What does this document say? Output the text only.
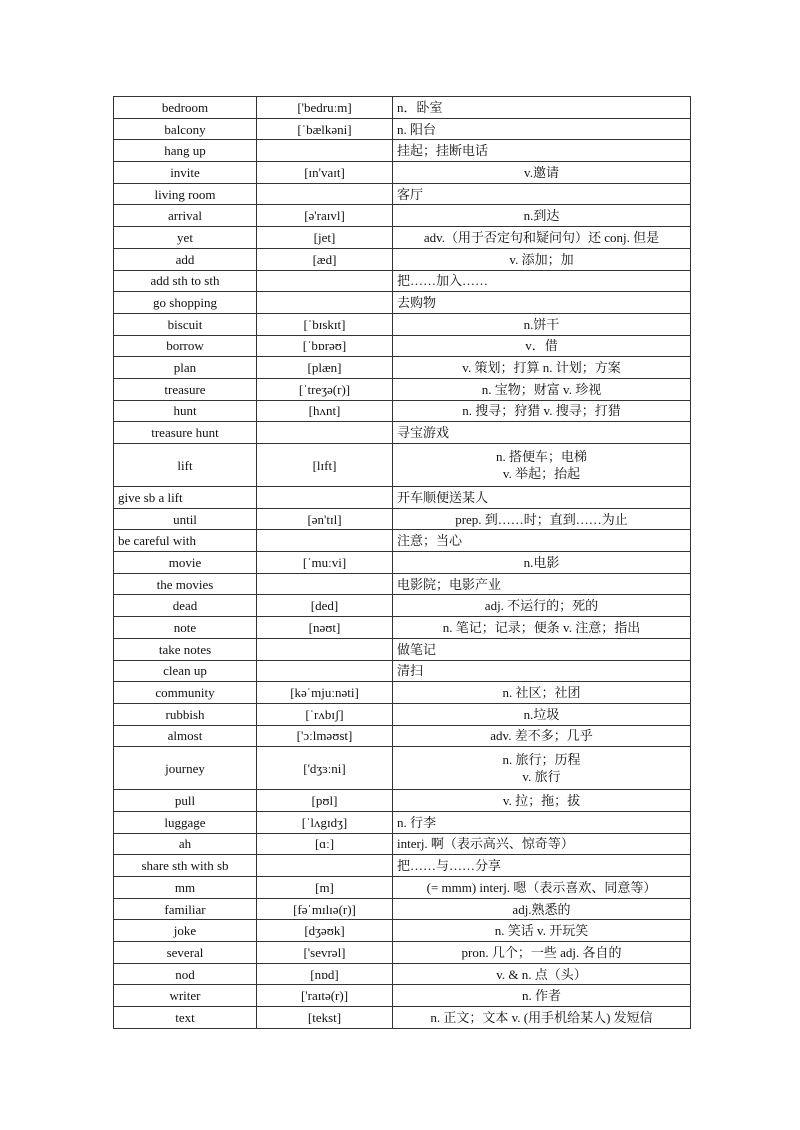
bedroom	['bedruːm]	n．卧室

balcony	[ˈbælkəni]	n. 阳台

hang up		挂起；挂断电话

invite	[ɪn'vaɪt]	v.邀请

living room		客厅

arrival	[ə'raɪvl]	n.到达

yet	[jet]	adv.（用于否定句和疑问句）还 conj. 但是

add	[æd]	v. 添加；加

add sth to sth		把……加入……

go shopping		去购物

biscuit	[ˈbɪskɪt]	n.饼干

borrow	[ˈbɒrəʊ]	v．借

plan	[plæn]	v. 策划；打算 n. 计划；方案

treasure	[ˈtreʒə(r)]	n. 宝物；财富 v. 珍视

hunt	[hʌnt]	n. 搜寻；狩猎 v. 搜寻；打猎

treasure hunt		寻宝游戏

lift	[lɪft]	n. 搭便车；电梯
v. 举起；抬起

give sb a lift		开车顺便送某人

until	[ən'tɪl]	prep. 到……时；直到……为止

be careful with		注意；当心

movie	[ˈmuːvi]	n.电影

the movies		电影院；电影产业

dead	[ded]	adj. 不运行的；死的

note	[nəʊt]	n. 笔记；记录；便条 v. 注意；指出

take notes		做笔记

clean up		清扫

community	[kəˈmjuːnəti]	n. 社区；社团

rubbish	[ˈrʌbɪʃ]	n.垃圾

almost	['ɔːlməʊst]	adv. 差不多；几乎

journey	['dʒɜːni]	n. 旅行；历程
v. 旅行

pull	[pʊl]	v. 拉；拖；拔

luggage	[ˈlʌgɪdʒ]	n. 行李

ah	[ɑː]	interj. 啊（表示高兴、惊奇等）

share sth with sb		把……与……分享

mm	[m]	(= mmm) interj. 嗯（表示喜欢、同意等）

familiar	[fəˈmɪlɪə(r)]	adj.熟悉的

joke	[dʒəʊk]	n. 笑话 v. 开玩笑

several	['sevrəl]	pron. 几个；一些 adj. 各自的

nod	[nɒd]	v. & n. 点（头）

writer	['raɪtə(r)]	n. 作者

text	[tekst]	n. 正文；文本 v. (用手机给某人) 发短信
